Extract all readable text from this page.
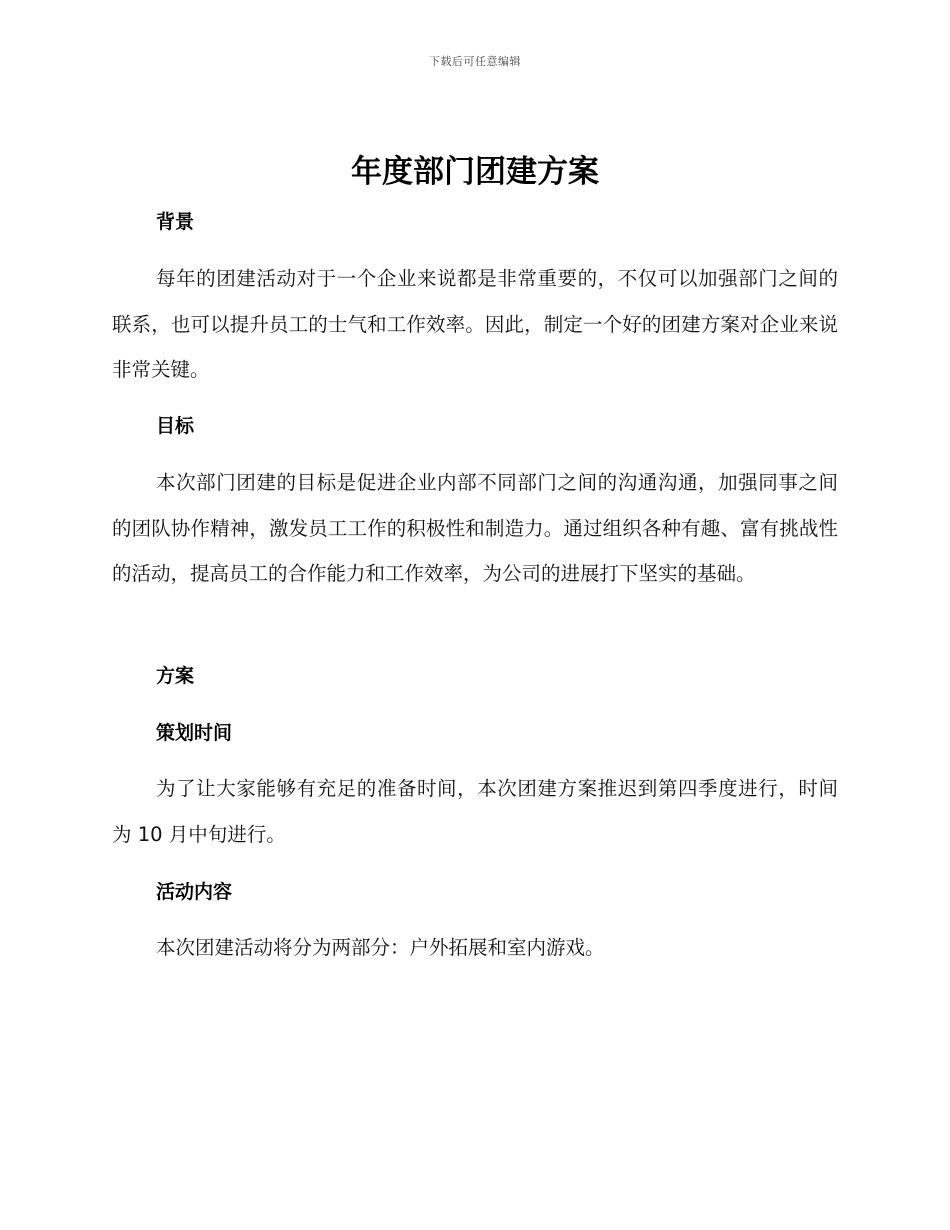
下载后可任意编辑
年度部门团建方案
背景

每年的团建活动对于一个企业来说都是非常重要的，不仅可以加强部门之间的联系，也可以提升员工的士气和工作效率。因此，制定一个好的团建方案对企业来说非常关键。

目标

本次部门团建的目标是促进企业内部不同部门之间的沟通沟通，加强同事之间的团队协作精神，激发员工工作的积极性和制造力。通过组织各种有趣、富有挑战性的活动，提高员工的合作能力和工作效率，为公司的进展打下坚实的基础。

方案
策划时间

为了让大家能够有充足的准备时间，本次团建方案推迟到第四季度进行，时间为 10 月中旬进行。

活动内容

本次团建活动将分为两部分：户外拓展和室内游戏。
